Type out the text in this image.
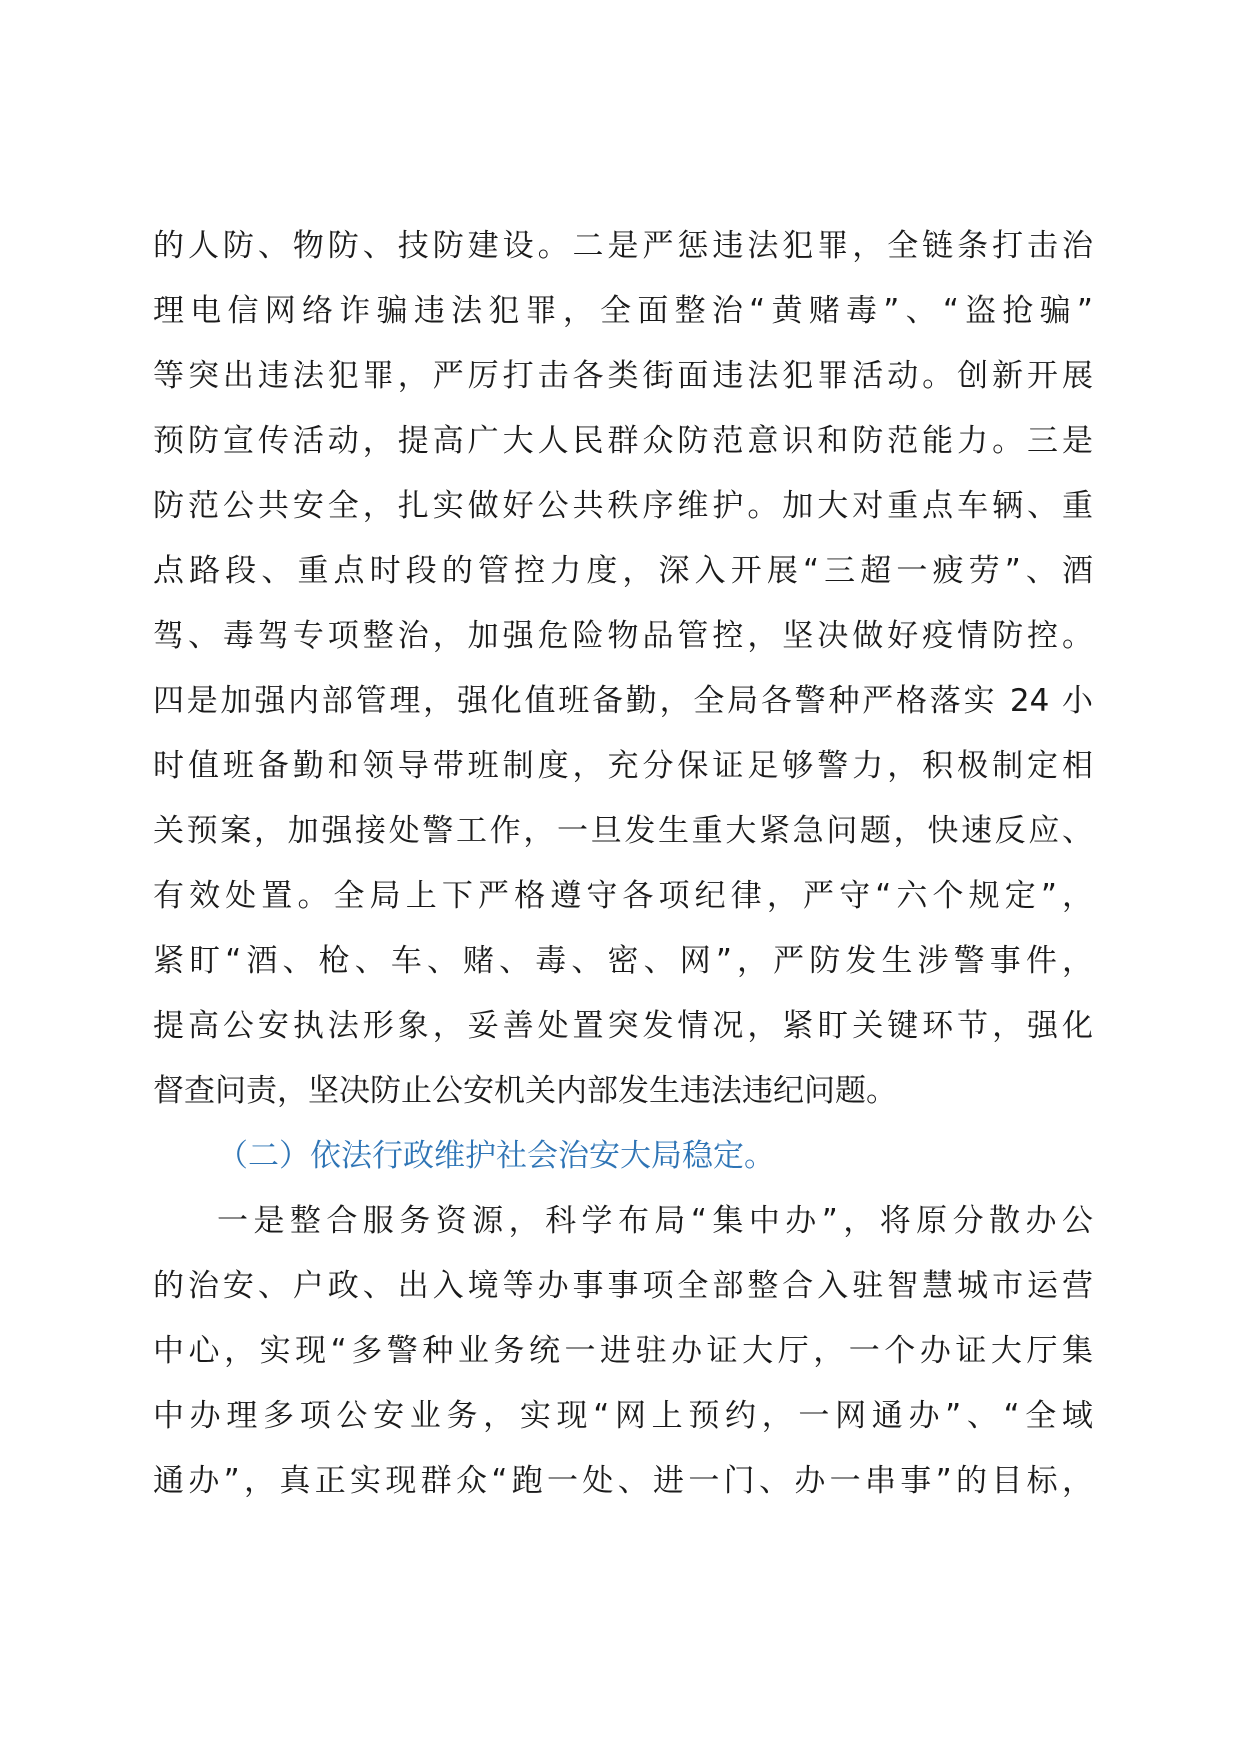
的人防、物防、技防建设。二是严惩违法犯罪，全链条打击治
理电信网络诈骗违法犯罪，全面整治“黄赌毒”、“盗抢骗”
等突出违法犯罪，严厉打击各类街面违法犯罪活动。创新开展
预防宣传活动，提高广大人民群众防范意识和防范能力。三是
防范公共安全，扎实做好公共秩序维护。加大对重点车辆、重
点路段、重点时段的管控力度，深入开展“三超一疲劳”、酒
驾、毒驾专项整治，加强危险物品管控，坚决做好疫情防控。
四是加强内部管理，强化值班备勤，全局各警种严格落实 24 小
时值班备勤和领导带班制度，充分保证足够警力，积极制定相
关预案，加强接处警工作，一旦发生重大紧急问题，快速反应、
有效处置。全局上下严格遵守各项纪律，严守“六个规定”，
紧盯“酒、枪、车、赌、毒、密、网”，严防发生涉警事件，
提高公安执法形象，妥善处置突发情况，紧盯关键环节，强化
督查问责，坚决防止公安机关内部发生违法违纪问题。
（二）依法行政维护社会治安大局稳定。
一是整合服务资源，科学布局“集中办”，将原分散办公
的治安、户政、出入境等办事事项全部整合入驻智慧城市运营
中心，实现“多警种业务统一进驻办证大厅，一个办证大厅集
中办理多项公安业务，实现“网上预约，一网通办”、“全域
通办”，真正实现群众“跑一处、进一门、办一串事”的目标，
